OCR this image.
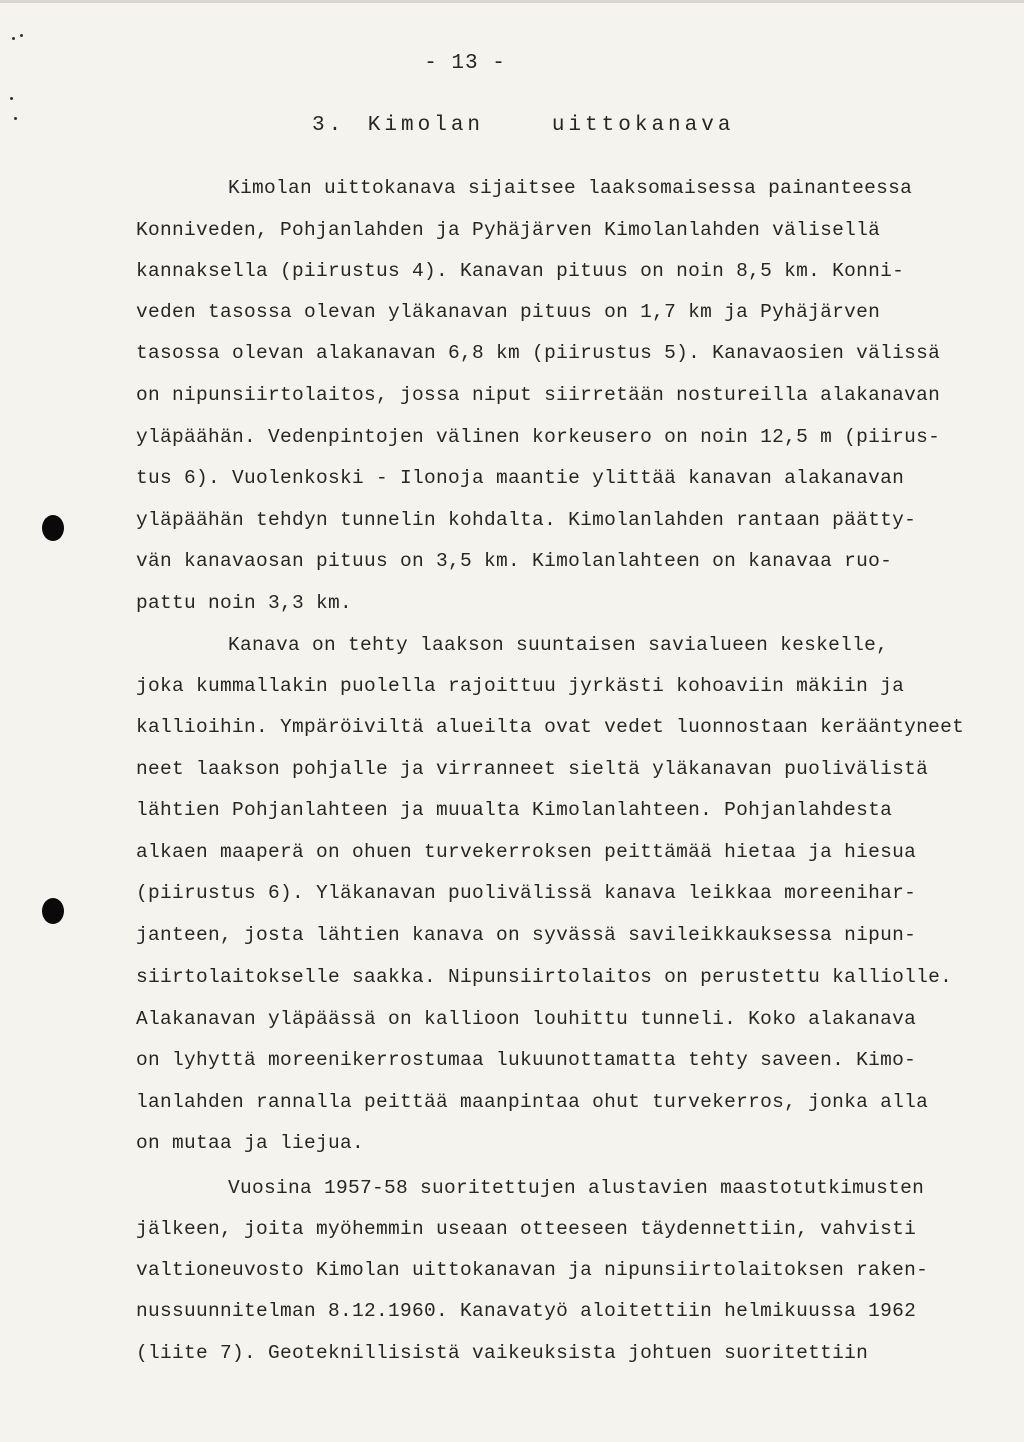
- 13 -
3. Kimolan   uittokanava
Kimolan uittokanava sijaitsee laaksomaisessa painanteessa
Konniveden, Pohjanlahden ja Pyhäjärven Kimolanlahden välisellä
kannaksella (piirustus 4). Kanavan pituus on noin 8,5 km. Konni-
veden tasossa olevan yläkanavan pituus on 1,7 km ja Pyhäjärven
tasossa olevan alakanavan 6,8 km (piirustus 5). Kanavaosien välissä
on nipunsiirtolaitos, jossa niput siirretään nostureilla alakanavan
yläpäähän. Vedenpintojen välinen korkeusero on noin 12,5 m (piirus-
tus 6). Vuolenkoski - Ilonoja maantie ylittää kanavan alakanavan
yläpäähän tehdyn tunnelin kohdalta. Kimolanlahden rantaan päätty-
vän kanavaosan pituus on 3,5 km. Kimolanlahteen on kanavaa ruo-
pattu noin 3,3 km.
Kanava on tehty laakson suuntaisen savialueen keskelle,
joka kummallakin puolella rajoittuu jyrkästi kohoaviin mäkiin ja
kallioihin. Ympäröiviltä alueilta ovat vedet luonnostaan kerääntyneet
neet laakson pohjalle ja virranneet sieltä yläkanavan puolivälistä
lähtien Pohjanlahteen ja muualta Kimolanlahteen. Pohjanlahdesta
alkaen maaperä on ohuen turvekerroksen peittämää hietaa ja hiesua
(piirustus 6). Yläkanavan puolivälissä kanava leikkaa moreenihar-
janteen, josta lähtien kanava on syvässä savileikkauksessa nipun-
siirtolaitokselle saakka. Nipunsiirtolaitos on perustettu kalliolle.
Alakanavan yläpäässä on kallioon louhittu tunneli. Koko alakanava
on lyhyttä moreenikerrostumaa lukuunottamatta tehty saveen. Kimo-
lanlahden rannalla peittää maanpintaa ohut turvekerros, jonka alla
on mutaa ja liejua.
Vuosina 1957-58 suoritettujen alustavien maastotutkimusten
jälkeen, joita myöhemmin useaan otteeseen täydennettiin, vahvisti
valtioneuvosto Kimolan uittokanavan ja nipunsiirtolaitoksen raken-
nussuunnitelman 8.12.1960. Kanavatyö aloitettiin helmikuussa 1962
(liite 7). Geoteknillisistä vaikeuksista johtuen suoritettiin
